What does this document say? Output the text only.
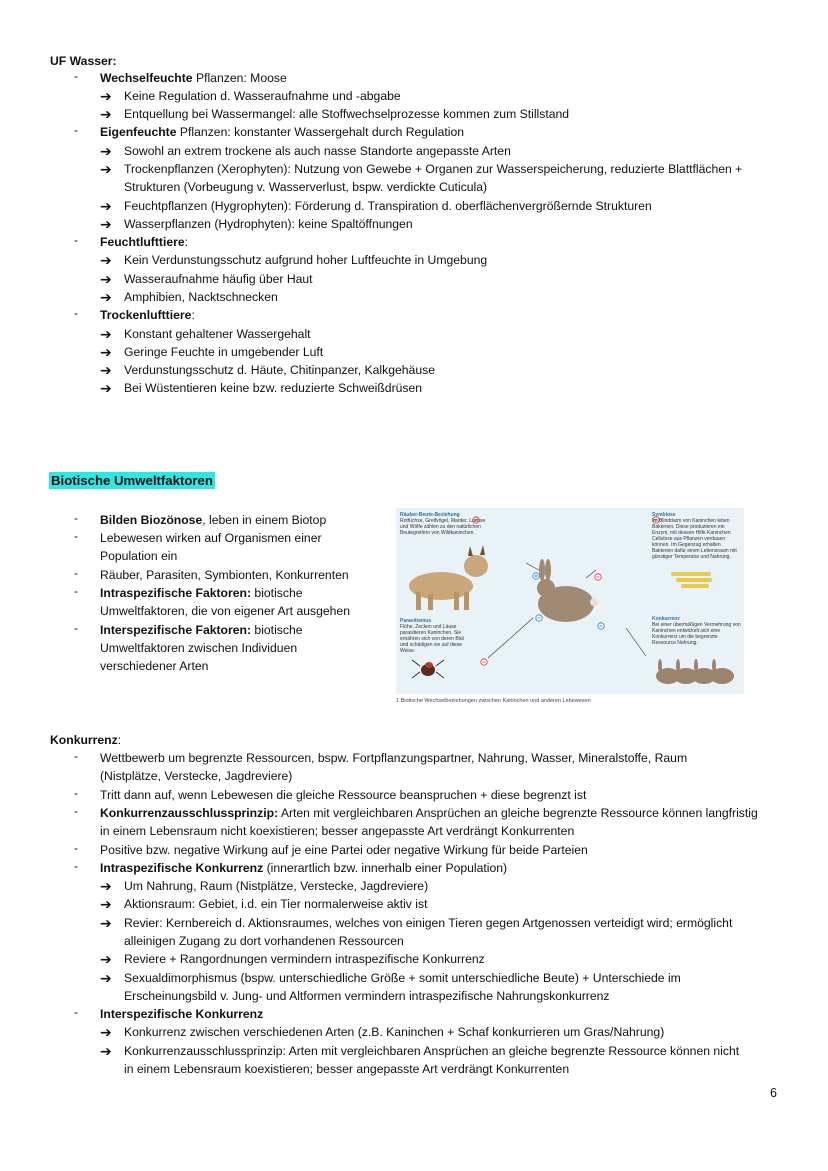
UF Wasser:
- Wechselfeuchte Pflanzen: Moose
➔ Keine Regulation d. Wasseraufnahme und -abgabe
➔ Entquellung bei Wassermangel: alle Stoffwechselprozesse kommen zum Stillstand
- Eigenfeuchte Pflanzen: konstanter Wassergehalt durch Regulation
➔ Sowohl an extrem trockene als auch nasse Standorte angepasste Arten
➔ Trockenpflanzen (Xerophyten): Nutzung von Gewebe + Organen zur Wasserspeicherung, reduzierte Blattflächen +
Strukturen (Vorbeugung v. Wasserverlust, bspw. verdickte Cuticula)
➔ Feuchtpflanzen (Hygrophyten): Förderung d. Transpiration d. oberflächenvergrößernde Strukturen
➔ Wasserpflanzen (Hydrophyten): keine Spaltöffnungen
- Feuchtlufttiere:
➔ Kein Verdunstungsschutz aufgrund hoher Luftfeuchte in Umgebung
➔ Wasseraufnahme häufig über Haut
➔ Amphibien, Nacktschnecken
- Trockenlufttiere:
➔ Konstant gehaltener Wassergehalt
➔ Geringe Feuchte in umgebender Luft
➔ Verdunstungsschutz d. Häute, Chitinpanzer, Kalkgehäuse
➔ Bei Wüstentieren keine bzw. reduzierte Schweißdrüsen
Biotische Umweltfaktoren
- Bilden Biozönose, leben in einem Biotop
- Lebewesen wirken auf Organismen einer
Population ein
- Räuber, Parasiten, Symbionten, Konkurrenten
- Intraspezifische Faktoren: biotische
Umweltfaktoren, die von eigener Art ausgehen
- Interspezifische Faktoren: biotische
Umweltfaktoren zwischen Individuen
verschiedener Arten
Räuber-Beute-Beziehung
Rotfüchse, Greifvögel, Marder, Luchse und Wölfe zählen zu den natürlichen Beutegreifern von Wildkaninchen.
Symbiose
Im Blinddarm von Kaninchen leben Bakterien. Diese produzieren ein Enzym, mit dessen Hilfe Kaninchen Cellulose aus Pflanzen verdauen können. Im Gegenzug erhalten Bakterien dafür einen Lebensraum mit günstiger Temperatur und Nahrung.
Parasitismus
Flöhe, Zecken und Läuse parasitieren Kaninchen. Sie ernähren sich von deren Blut und schädigen sie auf diese Weise.
Konkurrenz
Bei einer übermäßigen Vermehrung von Kaninchen entwickelt sich eine Konkurrenz um die begrenzte Ressource Nahrung.
1 Biotische Wechselbeziehungen zwischen Kaninchen und anderen Lebewesen
Konkurrenz:
- Wettbewerb um begrenzte Ressourcen, bspw. Fortpflanzungspartner, Nahrung, Wasser, Mineralstoffe, Raum
(Nistplätze, Verstecke, Jagdreviere)
- Tritt dann auf, wenn Lebewesen die gleiche Ressource beanspruchen + diese begrenzt ist
- Konkurrenzausschlussprinzip: Arten mit vergleichbaren Ansprüchen an gleiche begrenzte Ressource können langfristig
in einem Lebensraum nicht koexistieren; besser angepasste Art verdrängt Konkurrenten
- Positive bzw. negative Wirkung auf je eine Partei oder negative Wirkung für beide Parteien
- Intraspezifische Konkurrenz (innerartlich bzw. innerhalb einer Population)
➔ Um Nahrung, Raum (Nistplätze, Verstecke, Jagdreviere)
➔ Aktionsraum: Gebiet, i.d. ein Tier normalerweise aktiv ist
➔ Revier: Kernbereich d. Aktionsraumes, welches von einigen Tieren gegen Artgenossen verteidigt wird; ermöglicht
alleinigen Zugang zu dort vorhandenen Ressourcen
➔ Reviere + Rangordnungen vermindern intraspezifische Konkurrenz
➔ Sexualdimorphismus (bspw. unterschiedliche Größe + somit unterschiedliche Beute) + Unterschiede im
Erscheinungsbild v. Jung- und Altformen vermindern intraspezifische Nahrungskonkurrenz
- Interspezifische Konkurrenz
➔ Konkurrenz zwischen verschiedenen Arten (z.B. Kaninchen + Schaf konkurrieren um Gras/Nahrung)
➔ Konkurrenzausschlussprinzip: Arten mit vergleichbaren Ansprüchen an gleiche begrenzte Ressource können nicht
in einem Lebensraum koexistieren; besser angepasste Art verdrängt Konkurrenten
6
